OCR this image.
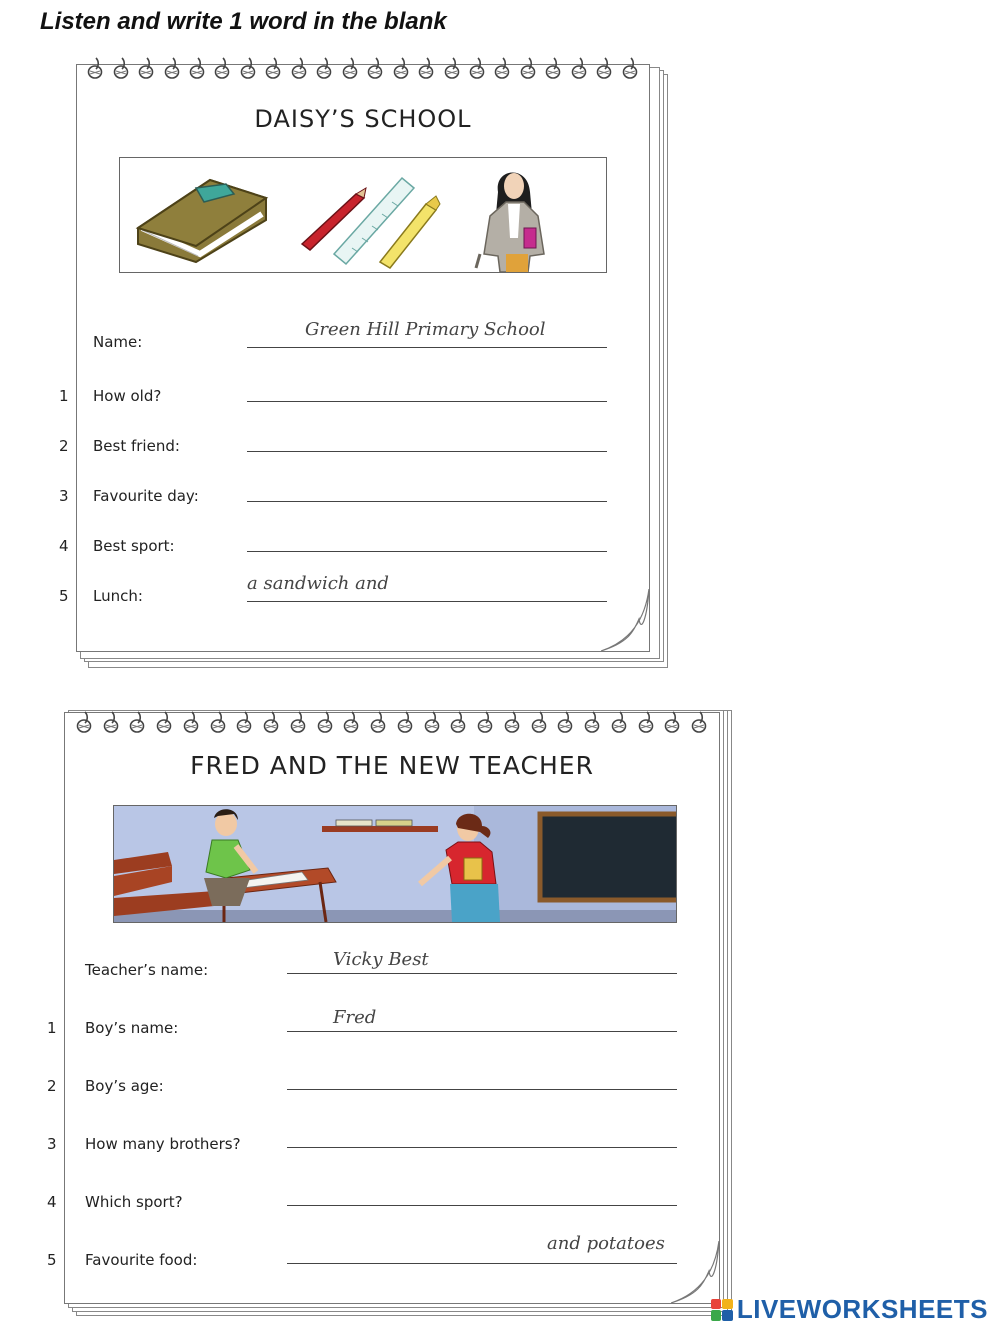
Listen and write 1 word in the blank

DAISY’S SCHOOL
Name:
Green Hill Primary School
1 How old?
2 Best friend:
3 Favourite day:
4 Best sport:
5 Lunch:
a sandwich and
FRED AND THE NEW TEACHER
Teacher’s name:	Vicky Best
1 Boy’s name:	Fred
2 Boy’s age:
3 How many brothers?
4 Which sport?
5 Favourite food:
and potatoes
LIVEWORKSHEETS
